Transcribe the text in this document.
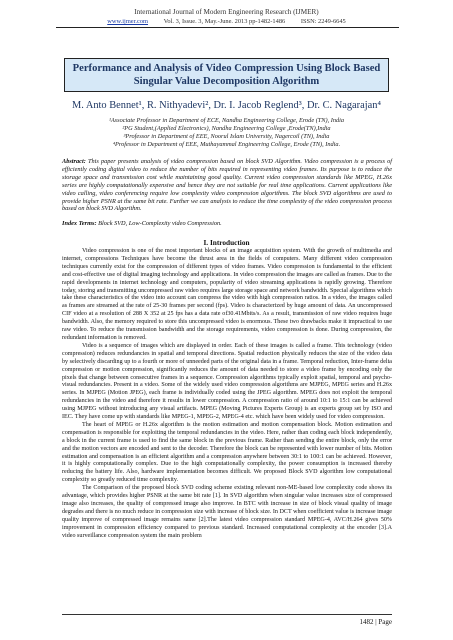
International Journal of Modern Engineering Research (IJMER)
www.ijmer.com Vol. 3, Issue. 3, May.-June. 2013 pp-1482-1486 ISSN: 2249-6645
Performance and Analysis of Video Compression Using Block Based
Singular Value Decomposition Algorithm
M. Anto Bennet¹, R. Nithyadevi², Dr. I. Jacob Reglend³, Dr. C. Nagarajan⁴
¹Associate Professor in Department of ECE, Nandha Engineering College, Erode (TN), India
²PG Student,(Applied Electronics), Nandha Engineering College ,Erode(TN),India
³Professor in Department of EEE, Noorul Islam University, Nagercoil (TN), India
⁴Professor in Department of EEE, Muthayammal Engineering College, Erode (TN), India.
Abstract: This paper presents analysis of video compression based on block SVD Algorithm. Video compression is a process of efficiently coding digital video to reduce the number of bits required in representing video frames. Its purpose is to reduce the storage space and transmission cost while maintaining good quality. Current video compression standards like MPEG, H.26x series are highly computationally expensive and hence they are not suitable for real time applications. Current applications like video calling, video conferencing require low complexity video compression algorithms. The block SVD algorithms are used to provide higher PSNR at the same bit rate. Further we can analysis to reduce the time complexity of the video compression process based on block SVD Algorithm.
Index Terms: Block SVD, Low-Complexity video Compression.
I. Introduction

Video compression is one of the most important blocks of an image acquisition system. With the growth of multimedia and internet, compressions Techniques have become the thrust area in the fields of computers. Many different video compression techniques currently exist for the compression of different types of video frames. Video compression is fundamental to the efficient and cost-effective use of digital imaging technology and applications. In video compression the images are called as frames. Due to the rapid developments in internet technology and computers, popularity of video streaming applications is rapidly growing. Therefore today, storing and transmitting uncompressed raw video requires large storage space and network bandwidth. Special algorithms which take these characteristics of the video into account can compress the video with high compression ratios. In a video, the images called as frames are streamed at the rate of 25-30 frames per second (fps). Video is characterized by huge amount of data. An uncompressed CIF video at a resolution of 288 X 352 at 25 fps has a data rate of30.41Mbits/s. As a result, transmission of raw video requires huge bandwidth. Also, the memory required to store this uncompressed video is enormous. These two drawbacks make it impractical to use raw video. To reduce the transmission bandwidth and the storage requirements, video compression is done. During compression, the redundant information is removed.

Video is a sequence of images which are displayed in order. Each of these images is called a frame. This technology (video compression) reduces redundancies in spatial and temporal directions. Spatial reduction physically reduces the size of the video data by selectively discarding up to a fourth or more of unneeded parts of the original data in a frame. Temporal reduction, Inter-frame delta compression or motion compression, significantly reduces the amount of data needed to store a video frame by encoding only the pixels that change between consecutive frames in a sequence. Compression algorithms typically exploit spatial, temporal and psycho-visual redundancies. Present in a video. Some of the widely used video compression algorithms are MJPEG, MPEG series and H.26x series. In MJPEG (Motion JPEG), each frame is individually coded using the JPEG algorithm. MPEG does not exploit the temporal redundancies in the video and therefore it results in lower compression. A compression ratio of around 10:1 to 15:1 can be achieved using MJPEG without introducing any visual artifacts. MPEG (Moving Pictures Experts Group) is an experts group set by ISO and IEC. They have come up with standards like MPEG-1, MPEG-2, MPEG-4 etc. which have been widely used for video compression.

The heart of MPEG or H.26x algorithm is the motion estimation and motion compensation block. Motion estimation and compensation is responsible for exploiting the temporal redundancies in the video. Here, rather than coding each block independently, a block in the current frame is used to find the same block in the previous frame. Rather than sending the entire block, only the error and the motion vectors are encoded and sent to the decoder. Therefore the block can be represented with lower number of bits. Motion estimation and compensation is an efficient algorithm and a compression anywhere between 30:1 to 100:1 can be achieved. However, it is highly computationally complex. Due to the high computationally complexity, the power consumption is increased thereby reducing the battery life. Also, hardware implementation becomes difficult. We proposed Block SVD algorithm low computational complexity so greatly reduced time complexity.

The Comparison of the proposed block SVD coding scheme existing relevant non-ME-based low complexity code shows its advantage, which provides higher PSNR at the same bit rate [1]. In SVD algorithm when singular value increases size of compressed image also increases, the quality of compressed image also improve. In BTC with increase in size of block visual quality of image degrades and there is no much reduce in compression size with increase of block size. In DCT when coefficient value is increase image quality improve of compressed image remains same [2].The latest video compression standard MPEG-4, AVC/H.264 gives 50% improvement in compression efficiency compared to previous standard. Increased computational complexity at the encoder [3].A video surveillance compression system the main problem

1482 | Page
